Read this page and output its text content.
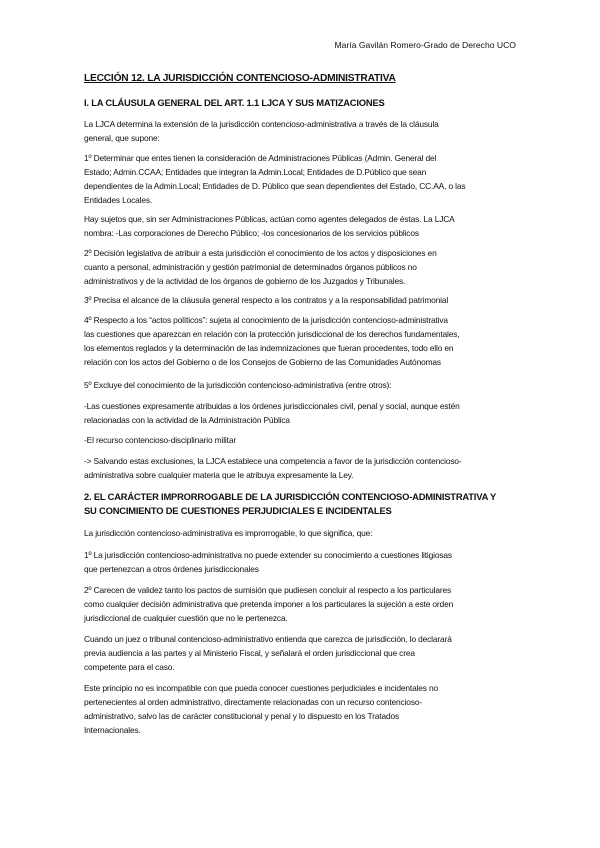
María Gavilán Romero-Grado de Derecho UCO
LECCIÓN 12. LA JURISDICCIÓN CONTENCIOSO-ADMINISTRATIVA
I. LA CLÁUSULA GENERAL DEL ART. 1.1 LJCA Y SUS MATIZACIONES
La LJCA determina la extensión de la jurisdicción contencioso-administrativa a través de la cláusula
general, que supone:
1º Determinar que entes tienen la consideración de Administraciones Públicas (Admin. General del
Estado; Admin.CCAA; Entidades que integran la Admin.Local; Entidades de D.Público que sean
dependientes de la Admin.Local; Entidades de D. Público que sean dependientes del Estado, CC.AA, o las
Entidades Locales.
Hay sujetos que, sin ser Administraciones Públicas, actúan como agentes delegados de éstas. La LJCA
nombra: -Las corporaciones de Derecho Público; -los concesionarios de los servicios públicos
2º Decisión legislativa de atribuir a esta jurisdicción el conocimiento de los actos y disposiciones en
cuanto a personal, administración y gestión patrimonial de determinados órganos públicos no
administrativos y de la actividad de los órganos de gobierno de los Juzgados y Tribunales.
3º Precisa el alcance de la cláusula general respecto a los contratos y a la responsabilidad patrimonial
4º Respecto a los “actos políticos”: sujeta al conocimiento de la jurisdicción contencioso-administrativa
las cuestiones que aparezcan en relación con la protección jurisdiccional de los derechos fundamentales,
los elementos reglados y la determinación de las indemnizaciones que fueran procedentes, todo ello en
relación con los actos del Gobierno o de los Consejos de Gobierno de las Comunidades Autónomas
5º Excluye del conocimiento de la jurisdicción contencioso-administrativa (entre otros):
-Las cuestiones expresamente atribuidas a los órdenes jurisdiccionales civil, penal y social, aunque estén
relacionadas con la actividad de la Administración Pública
-El recurso contencioso-disciplinario militar
-> Salvando estas exclusiones, la LJCA establece una competencia a favor de la jurisdicción contencioso-
administrativa sobre cualquier materia que le atribuya expresamente la Ley.
2. EL CARÁCTER IMPRORROGABLE DE LA JURISDICCIÓN CONTENCIOSO-ADMINISTRATIVA Y
SU CONCIMIENTO DE CUESTIONES PERJUDICIALES E INCIDENTALES
La jurisdicción contencioso-administrativa es improrrogable, lo que significa, que:
1º La jurisdicción contencioso-administrativa no puede extender su conocimiento a cuestiones litigiosas
que pertenezcan a otros órdenes jurisdiccionales
2º Carecen de validez tanto los pactos de sumisión que pudiesen concluir al respecto a los particulares
como cualquier decisión administrativa que pretenda imponer a los particulares la sujeción a este orden
jurisdiccional de cualquier cuestión que no le pertenezca.
Cuando un juez o tribunal contencioso-administrativo entienda que carezca de jurisdicción, lo declarará
previa audiencia a las partes y al Ministerio Fiscal, y señalará el orden jurisdiccional que crea
competente para el caso.
Este principio no es incompatible con que pueda conocer cuestiones perjudiciales e incidentales no
pertenecientes al orden administrativo, directamente relacionadas con un recurso contencioso-
administrativo, salvo las de carácter constitucional y penal y lo dispuesto en los Tratados
Internacionales.
